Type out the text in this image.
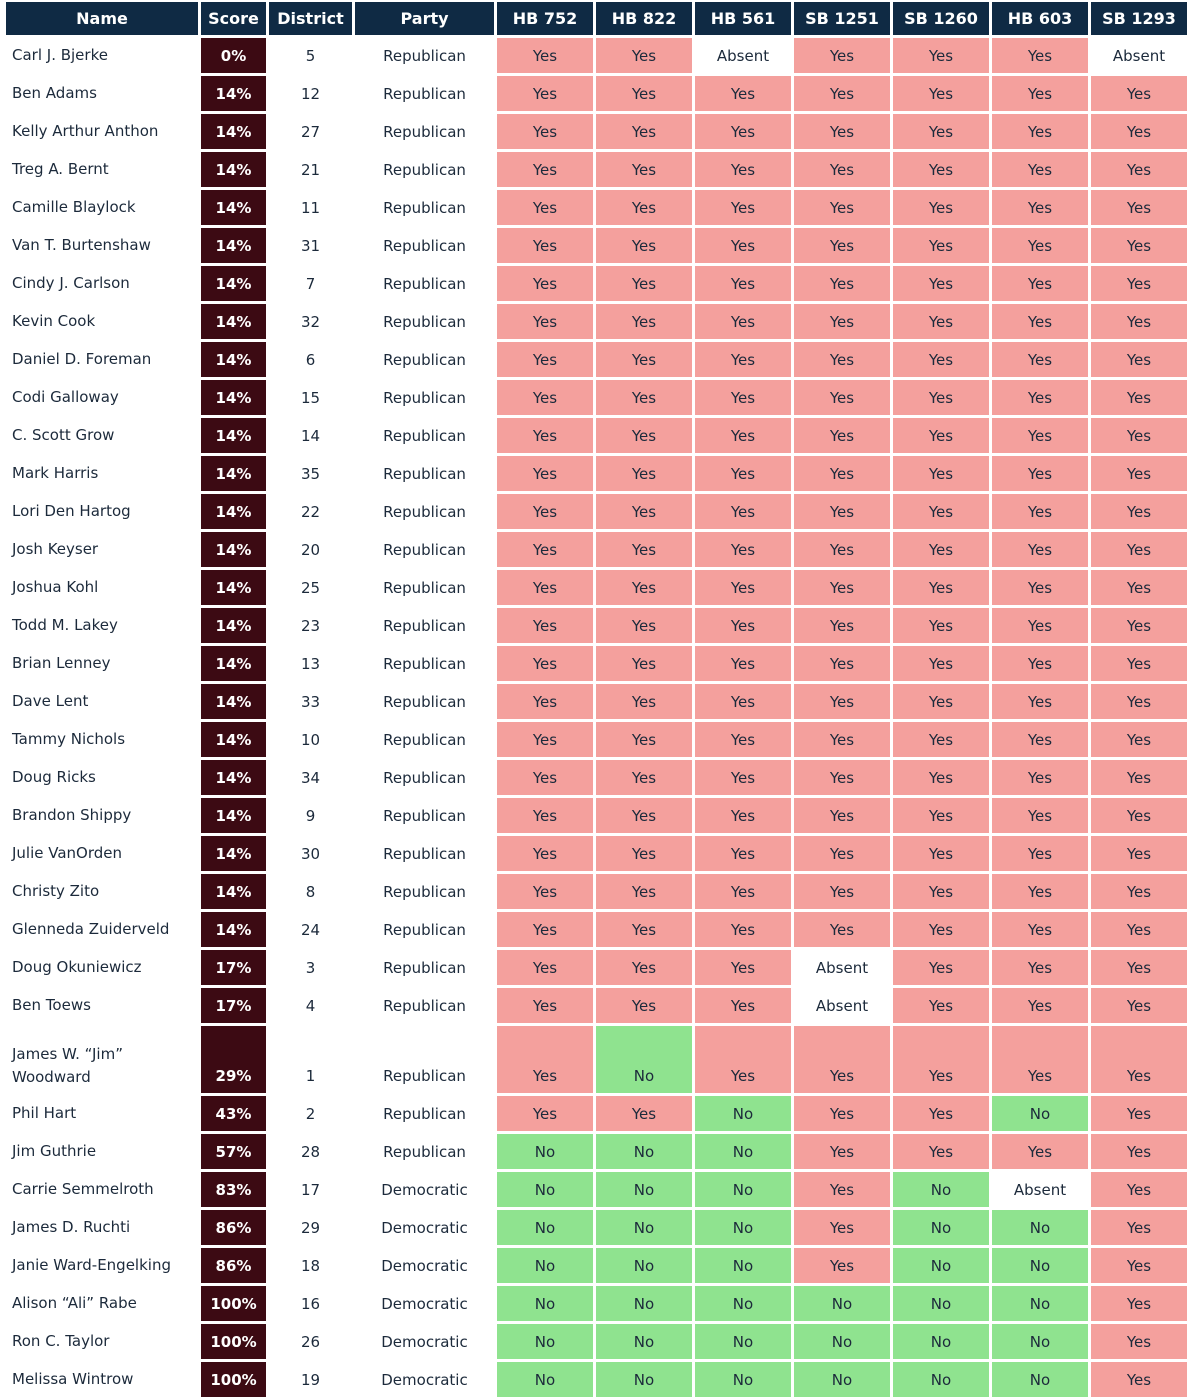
Name	Score	District	Party	HB 752	HB 822	HB 561	SB 1251	SB 1260	HB 603	SB 1293
Carl J. Bjerke	0%	5	Republican	Yes	Yes	Absent	Yes	Yes	Yes	Absent
Ben Adams	14%	12	Republican	Yes	Yes	Yes	Yes	Yes	Yes	Yes
Kelly Arthur Anthon	14%	27	Republican	Yes	Yes	Yes	Yes	Yes	Yes	Yes
Treg A. Bernt	14%	21	Republican	Yes	Yes	Yes	Yes	Yes	Yes	Yes
Camille Blaylock	14%	11	Republican	Yes	Yes	Yes	Yes	Yes	Yes	Yes
Van T. Burtenshaw	14%	31	Republican	Yes	Yes	Yes	Yes	Yes	Yes	Yes
Cindy J. Carlson	14%	7	Republican	Yes	Yes	Yes	Yes	Yes	Yes	Yes
Kevin Cook	14%	32	Republican	Yes	Yes	Yes	Yes	Yes	Yes	Yes
Daniel D. Foreman	14%	6	Republican	Yes	Yes	Yes	Yes	Yes	Yes	Yes
Codi Galloway	14%	15	Republican	Yes	Yes	Yes	Yes	Yes	Yes	Yes
C. Scott Grow	14%	14	Republican	Yes	Yes	Yes	Yes	Yes	Yes	Yes
Mark Harris	14%	35	Republican	Yes	Yes	Yes	Yes	Yes	Yes	Yes
Lori Den Hartog	14%	22	Republican	Yes	Yes	Yes	Yes	Yes	Yes	Yes
Josh Keyser	14%	20	Republican	Yes	Yes	Yes	Yes	Yes	Yes	Yes
Joshua Kohl	14%	25	Republican	Yes	Yes	Yes	Yes	Yes	Yes	Yes
Todd M. Lakey	14%	23	Republican	Yes	Yes	Yes	Yes	Yes	Yes	Yes
Brian Lenney	14%	13	Republican	Yes	Yes	Yes	Yes	Yes	Yes	Yes
Dave Lent	14%	33	Republican	Yes	Yes	Yes	Yes	Yes	Yes	Yes
Tammy Nichols	14%	10	Republican	Yes	Yes	Yes	Yes	Yes	Yes	Yes
Doug Ricks	14%	34	Republican	Yes	Yes	Yes	Yes	Yes	Yes	Yes
Brandon Shippy	14%	9	Republican	Yes	Yes	Yes	Yes	Yes	Yes	Yes
Julie VanOrden	14%	30	Republican	Yes	Yes	Yes	Yes	Yes	Yes	Yes
Christy Zito	14%	8	Republican	Yes	Yes	Yes	Yes	Yes	Yes	Yes
Glenneda Zuiderveld	14%	24	Republican	Yes	Yes	Yes	Yes	Yes	Yes	Yes
Doug Okuniewicz	17%	3	Republican	Yes	Yes	Yes	Absent	Yes	Yes	Yes
Ben Toews	17%	4	Republican	Yes	Yes	Yes	Absent	Yes	Yes	Yes
James W. “Jim” Woodward	29%	1	Republican	Yes	No	Yes	Yes	Yes	Yes	Yes
Phil Hart	43%	2	Republican	Yes	Yes	No	Yes	Yes	No	Yes
Jim Guthrie	57%	28	Republican	No	No	No	Yes	Yes	Yes	Yes
Carrie Semmelroth	83%	17	Democratic	No	No	No	Yes	No	Absent	Yes
James D. Ruchti	86%	29	Democratic	No	No	No	Yes	No	No	Yes
Janie Ward-Engelking	86%	18	Democratic	No	No	No	Yes	No	No	Yes
Alison “Ali” Rabe	100%	16	Democratic	No	No	No	No	No	No	Yes
Ron C. Taylor	100%	26	Democratic	No	No	No	No	No	No	Yes
Melissa Wintrow	100%	19	Democratic	No	No	No	No	No	No	Yes
